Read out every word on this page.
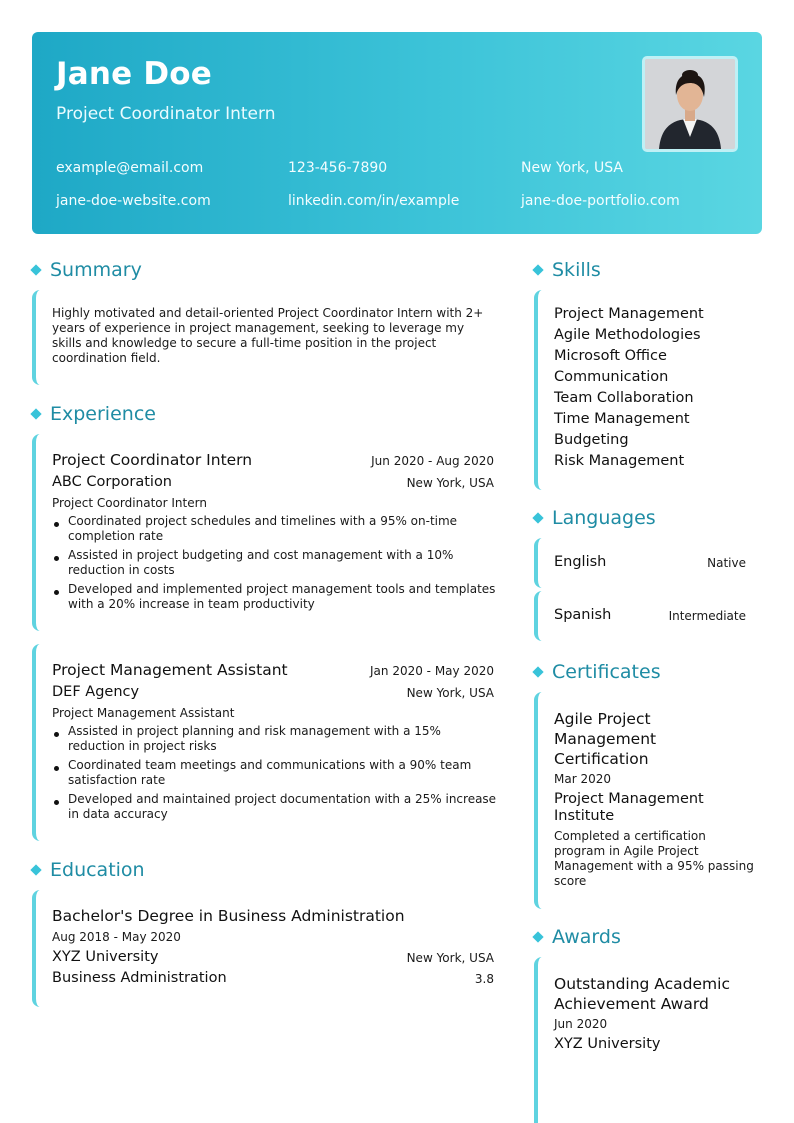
Jane Doe
Project Coordinator Intern
example@email.com	123-456-7890	New York, USA
jane-doe-website.com	linkedin.com/in/example	jane-doe-portfolio.com
Summary
Highly motivated and detail-oriented Project Coordinator Intern with 2+ years of experience in project management, seeking to leverage my skills and knowledge to secure a full-time position in the project coordination field.
Experience
Project Coordinator Intern	Jun 2020 - Aug 2020
ABC Corporation	New York, USA
Project Coordinator Intern
Coordinated project schedules and timelines with a 95% on-time completion rate
Assisted in project budgeting and cost management with a 10% reduction in costs
Developed and implemented project management tools and templates with a 20% increase in team productivity
Project Management Assistant	Jan 2020 - May 2020
DEF Agency	New York, USA
Project Management Assistant
Assisted in project planning and risk management with a 15% reduction in project risks
Coordinated team meetings and communications with a 90% team satisfaction rate
Developed and maintained project documentation with a 25% increase in data accuracy
Education
Bachelor's Degree in Business Administration
Aug 2018 - May 2020
XYZ University	New York, USA
Business Administration	3.8
Skills
Project Management
Agile Methodologies
Microsoft Office
Communication
Team Collaboration
Time Management
Budgeting
Risk Management
Languages
English	Native
Spanish	Intermediate
Certificates
Agile Project
Management
Certification
Mar 2020
Project Management
Institute
Completed a certification program in Agile Project Management with a 95% passing score
Awards
Outstanding Academic
Achievement Award
Jun 2020
XYZ University
